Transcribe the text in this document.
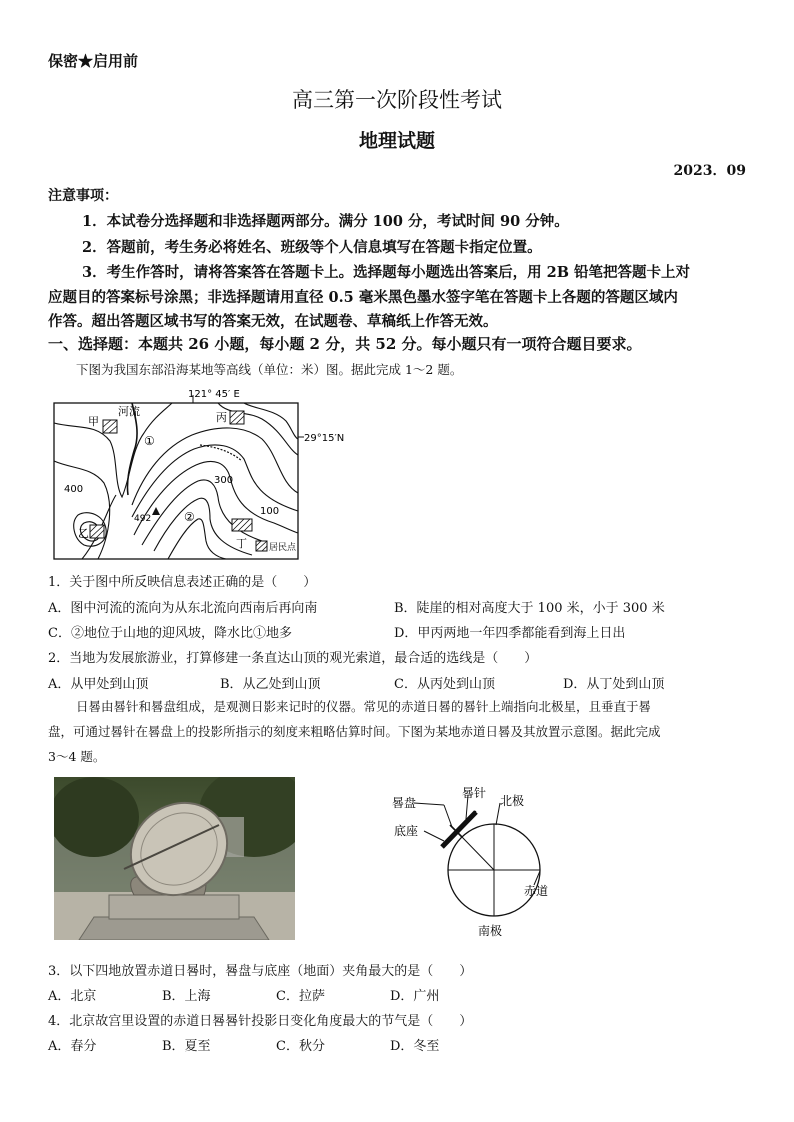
保密★启用前
高三第一次阶段性考试
地理试题
2023．09
注意事项：
1．本试卷分选择题和非选择题两部分。满分 100 分，考试时间 90 分钟。
2．答题前，考生务必将姓名、班级等个人信息填写在答题卡指定位置。
3．考生作答时，请将答案答在答题卡上。选择题每小题选出答案后，用 2B 铅笔把答题卡上对
应题目的答案标号涂黑；非选择题请用直径 0.5 毫米黑色墨水签字笔在答题卡上各题的答题区域内
作答。超出答题区域书写的答案无效，在试题卷、草稿纸上作答无效。
一、选择题：本题共 26 小题，每小题 2 分，共 52 分。每小题只有一项符合题目要求。
下图为我国东部沿海某地等高线（单位：米）图。据此完成 1～2 题。
121° 45′ E
29°15′N
甲
河流	丙
①
②
400
300
100
492
乙
丁 居民点
1．关于图中所反映信息表述正确的是（　　）
A．图中河流的流向为从东北流向西南后再向南	B．陡崖的相对高度大于 100 米，小于 300 米
C．②地位于山地的迎风坡，降水比①地多	D．甲丙两地一年四季都能看到海上日出
2．当地为发展旅游业，打算修建一条直达山顶的观光索道，最合适的选线是（　　）
A．从甲处到山顶	B．从乙处到山顶	C．从丙处到山顶	D．从丁处到山顶
日晷由晷针和晷盘组成，是观测日影来记时的仪器。常见的赤道日晷的晷针上端指向北极星，且垂直于晷
盘，可通过晷针在晷盘上的投影所指示的刻度来粗略估算时间。下图为某地赤道日晷及其放置示意图。据此完成
3～4 题。
晷盘
晷针
北极
底座
赤道
南极
3．以下四地放置赤道日晷时，晷盘与底座（地面）夹角最大的是（　　）
A．北京	B．上海	C．拉萨	D．广州
4．北京故宫里设置的赤道日晷晷针投影日变化角度最大的节气是（　　）
A．春分	B．夏至	C．秋分	D．冬至
